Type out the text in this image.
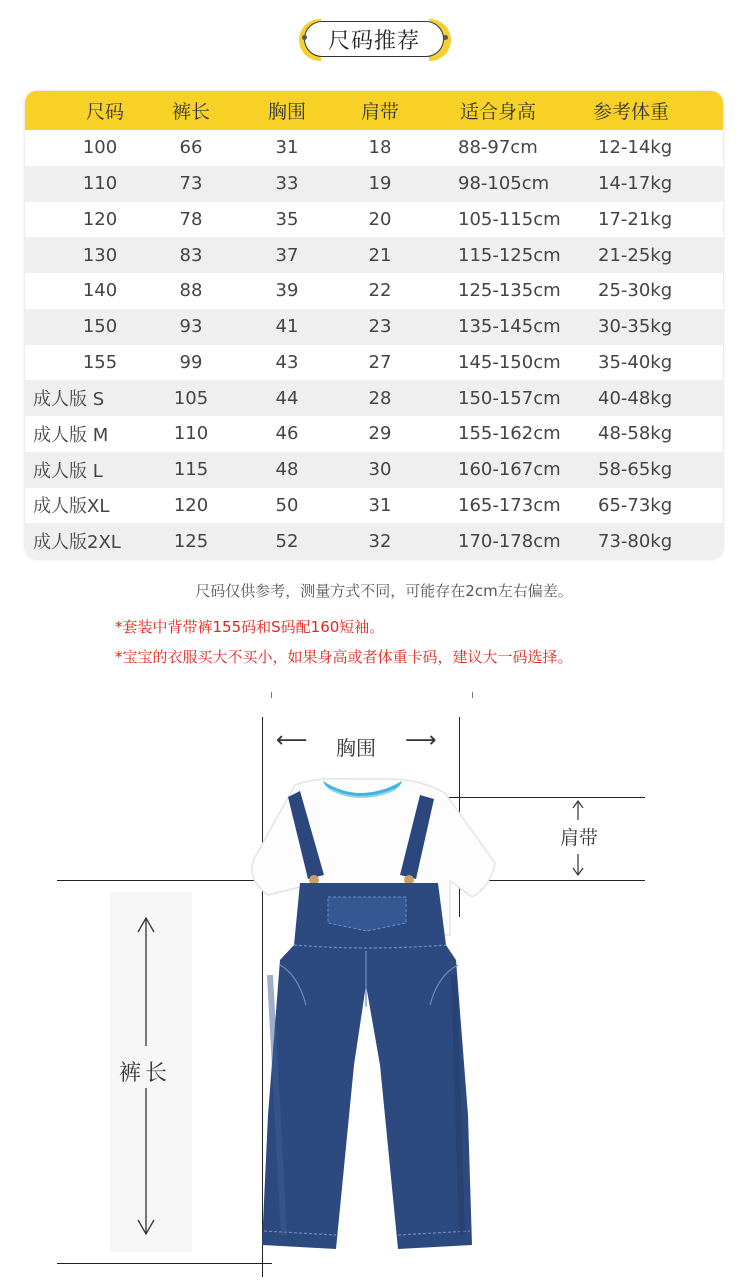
尺码推荐
尺码	裤长	胸围	肩带	适合身高	参考体重
100	66	31	18	88-97cm	12-14kg
110	73	33	19	98-105cm	14-17kg
120	78	35	20	105-115cm	17-21kg
130	83	37	21	115-125cm	21-25kg
140	88	39	22	125-135cm	25-30kg
150	93	41	23	135-145cm	30-35kg
155	99	43	27	145-150cm	35-40kg
成人版 S	105	44	28	150-157cm	40-48kg
成人版 M	110	46	29	155-162cm	48-58kg
成人版 L	115	48	30	160-167cm	58-65kg
成人版XL	120	50	31	165-173cm	65-73kg
成人版2XL	125	52	32	170-178cm	73-80kg
尺码仅供参考，测量方式不同，可能存在2cm左右偏差。
*套装中背带裤155码和S码配160短袖。
*宝宝的衣服买大不买小，如果身高或者体重卡码，建议大一码选择。
⟵ 胸围 ⟶
肩带
裤长
